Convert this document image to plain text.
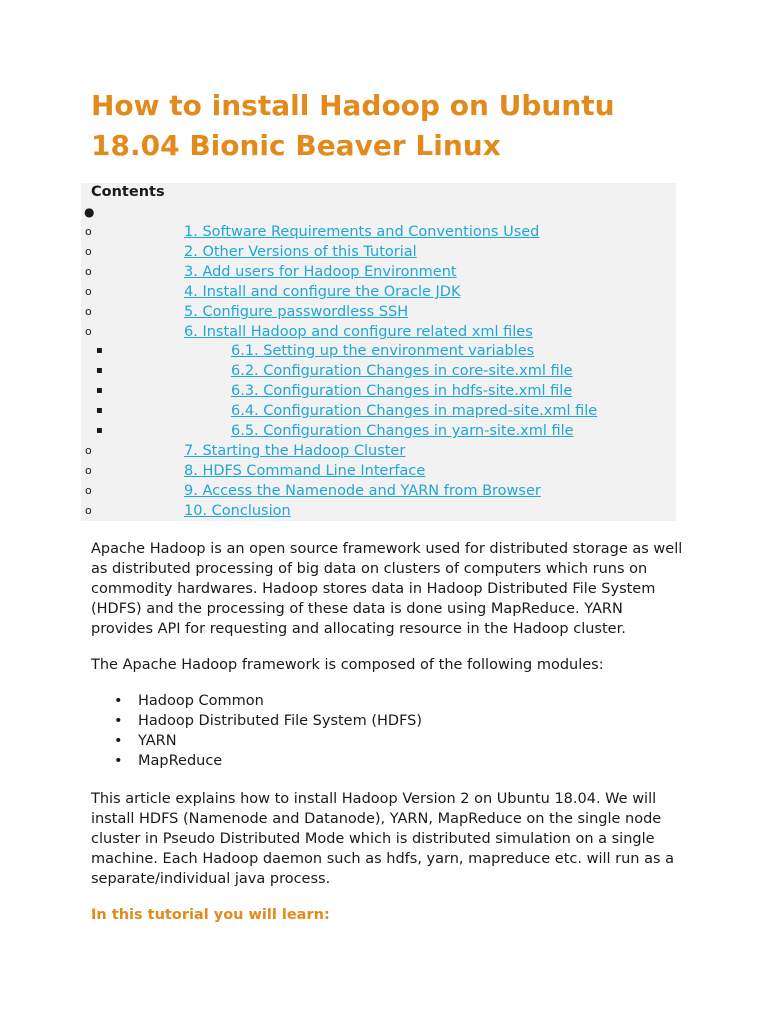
How to install Hadoop on Ubuntu 18.04 Bionic Beaver Linux
Contents
●
o	1. Software Requirements and Conventions Used
o	2. Other Versions of this Tutorial
o	3. Add users for Hadoop Environment
o	4. Install and configure the Oracle JDK
o	5. Configure passwordless SSH
o	6. Install Hadoop and configure related xml files
▪	6.1. Setting up the environment variables
▪	6.2. Configuration Changes in core-site.xml file
▪	6.3. Configuration Changes in hdfs-site.xml file
▪	6.4. Configuration Changes in mapred-site.xml file
▪	6.5. Configuration Changes in yarn-site.xml file
o	7. Starting the Hadoop Cluster
o	8. HDFS Command Line Interface
o	9. Access the Namenode and YARN from Browser
o	10. Conclusion

Apache Hadoop is an open source framework used for distributed storage as well as distributed processing of big data on clusters of computers which runs on commodity hardwares. Hadoop stores data in Hadoop Distributed File System (HDFS) and the processing of these data is done using MapReduce. YARN provides API for requesting and allocating resource in the Hadoop cluster.

The Apache Hadoop framework is composed of the following modules:

• Hadoop Common
• Hadoop Distributed File System (HDFS)
• YARN
• MapReduce

This article explains how to install Hadoop Version 2 on Ubuntu 18.04. We will install HDFS (Namenode and Datanode), YARN, MapReduce on the single node cluster in Pseudo Distributed Mode which is distributed simulation on a single machine. Each Hadoop daemon such as hdfs, yarn, mapreduce etc. will run as a separate/individual java process.

In this tutorial you will learn:
